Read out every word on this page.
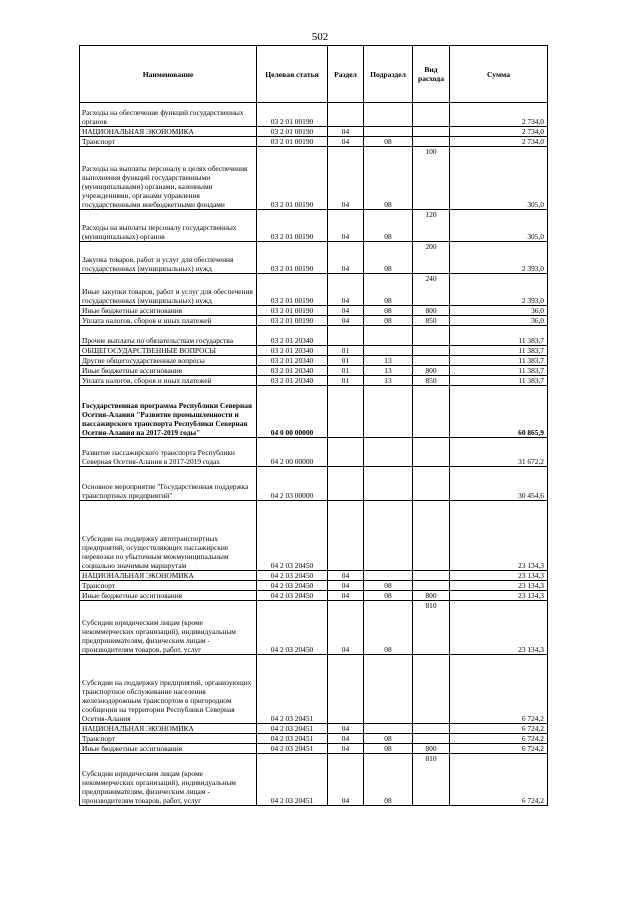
502
Наименование	Целевая статья	Раздел	Подраздел	Вид расхода	Сумма
Расходы на обеспечение функций государственных органов	03 2 01 00190				2 734,0
НАЦИОНАЛЬНАЯ ЭКОНОМИКА	03 2 01 00190	04			2 734,0
Транспорт	03 2 01 00190	04	08		2 734,0
Расходы на выплаты персоналу в целях обеспечения выполнения функций государственными (муниципальными) органами, казенными учреждениями, органами управления государственными внебюджетными фондами	03 2 01 00190	04	08	100	305,0
Расходы на выплаты персоналу государственных (муниципальных) органов	03 2 01 00190	04	08	120	305,0
Закупка товаров, работ и услуг для обеспечения государственных (муниципальных) нужд	03 2 01 00190	04	08	200	2 393,0
Иные закупки товаров, работ и услуг для обеспечения государственных (муниципальных) нужд	03 2 01 00190	04	08	240	2 393,0
Иные бюджетные ассигнования	03 2 01 00190	04	08	800	36,0
Уплата налогов, сборов и иных платежей	03 2 01 00190	04	08	850	36,0
Прочие выплаты по обязательствам государства	03 2 01 20340				11 383,7
ОБЩЕГОСУДАРСТВЕННЫЕ ВОПРОСЫ	03 2 01 20340	01			11 383,7
Другие общегосударственные вопросы	03 2 01 20340	01	13		11 383,7
Иные бюджетные ассигнования	03 2 01 20340	01	13	800	11 383,7
Уплата налогов, сборов и иных платежей	03 2 01 20340	01	13	850	11 383,7
Государственная программа Республики Северная Осетия-Алания "Развитие промышленности и пассажирского транспорта Республики Северная Осетия-Алания на 2017-2019 годы"	04 0 00 00000				60 865,9
Развитие пассажирского транспорта Республики Северная Осетия-Алания в 2017-2019 годах	04 2 00 00000				31 672,2
Основное мероприятие "Государственная поддержка транспортных предприятий"	04 2 03 00000				30 454,6
Субсидии на поддержку автотранспортных предприятий, осуществляющих пассажирские перевозки по убыточным межмуниципальным социально значимым маршрутам	04 2 03 20450				23 134,3
НАЦИОНАЛЬНАЯ ЭКОНОМИКА	04 2 03 20450	04			23 134,3
Транспорт	04 2 03 20450	04	08		23 134,3
Иные бюджетные ассигнования	04 2 03 20450	04	08	800	23 134,3
Субсидии юридическим лицам (кроме некоммерческих организаций), индивидуальным предпринимателям, физическим лицам - производителям товаров, работ, услуг	04 2 03 20450	04	08	810	23 134,3
Субсидии на поддержку предприятий, организующих транспортное обслуживание населения железнодорожным транспортом в пригородном сообщении на территории Республики Северная Осетия-Алания	04 2 03 20451				6 724,2
НАЦИОНАЛЬНАЯ ЭКОНОМИКА	04 2 03 20451	04			6 724,2
Транспорт	04 2 03 20451	04	08		6 724,2
Иные бюджетные ассигнования	04 2 03 20451	04	08	800	6 724,2
Субсидии юридическим лицам (кроме некоммерческих организаций), индивидуальным предпринимателям, физическим лицам - производителям товаров, работ, услуг	04 2 03 20451	04	08	810	6 724,2
